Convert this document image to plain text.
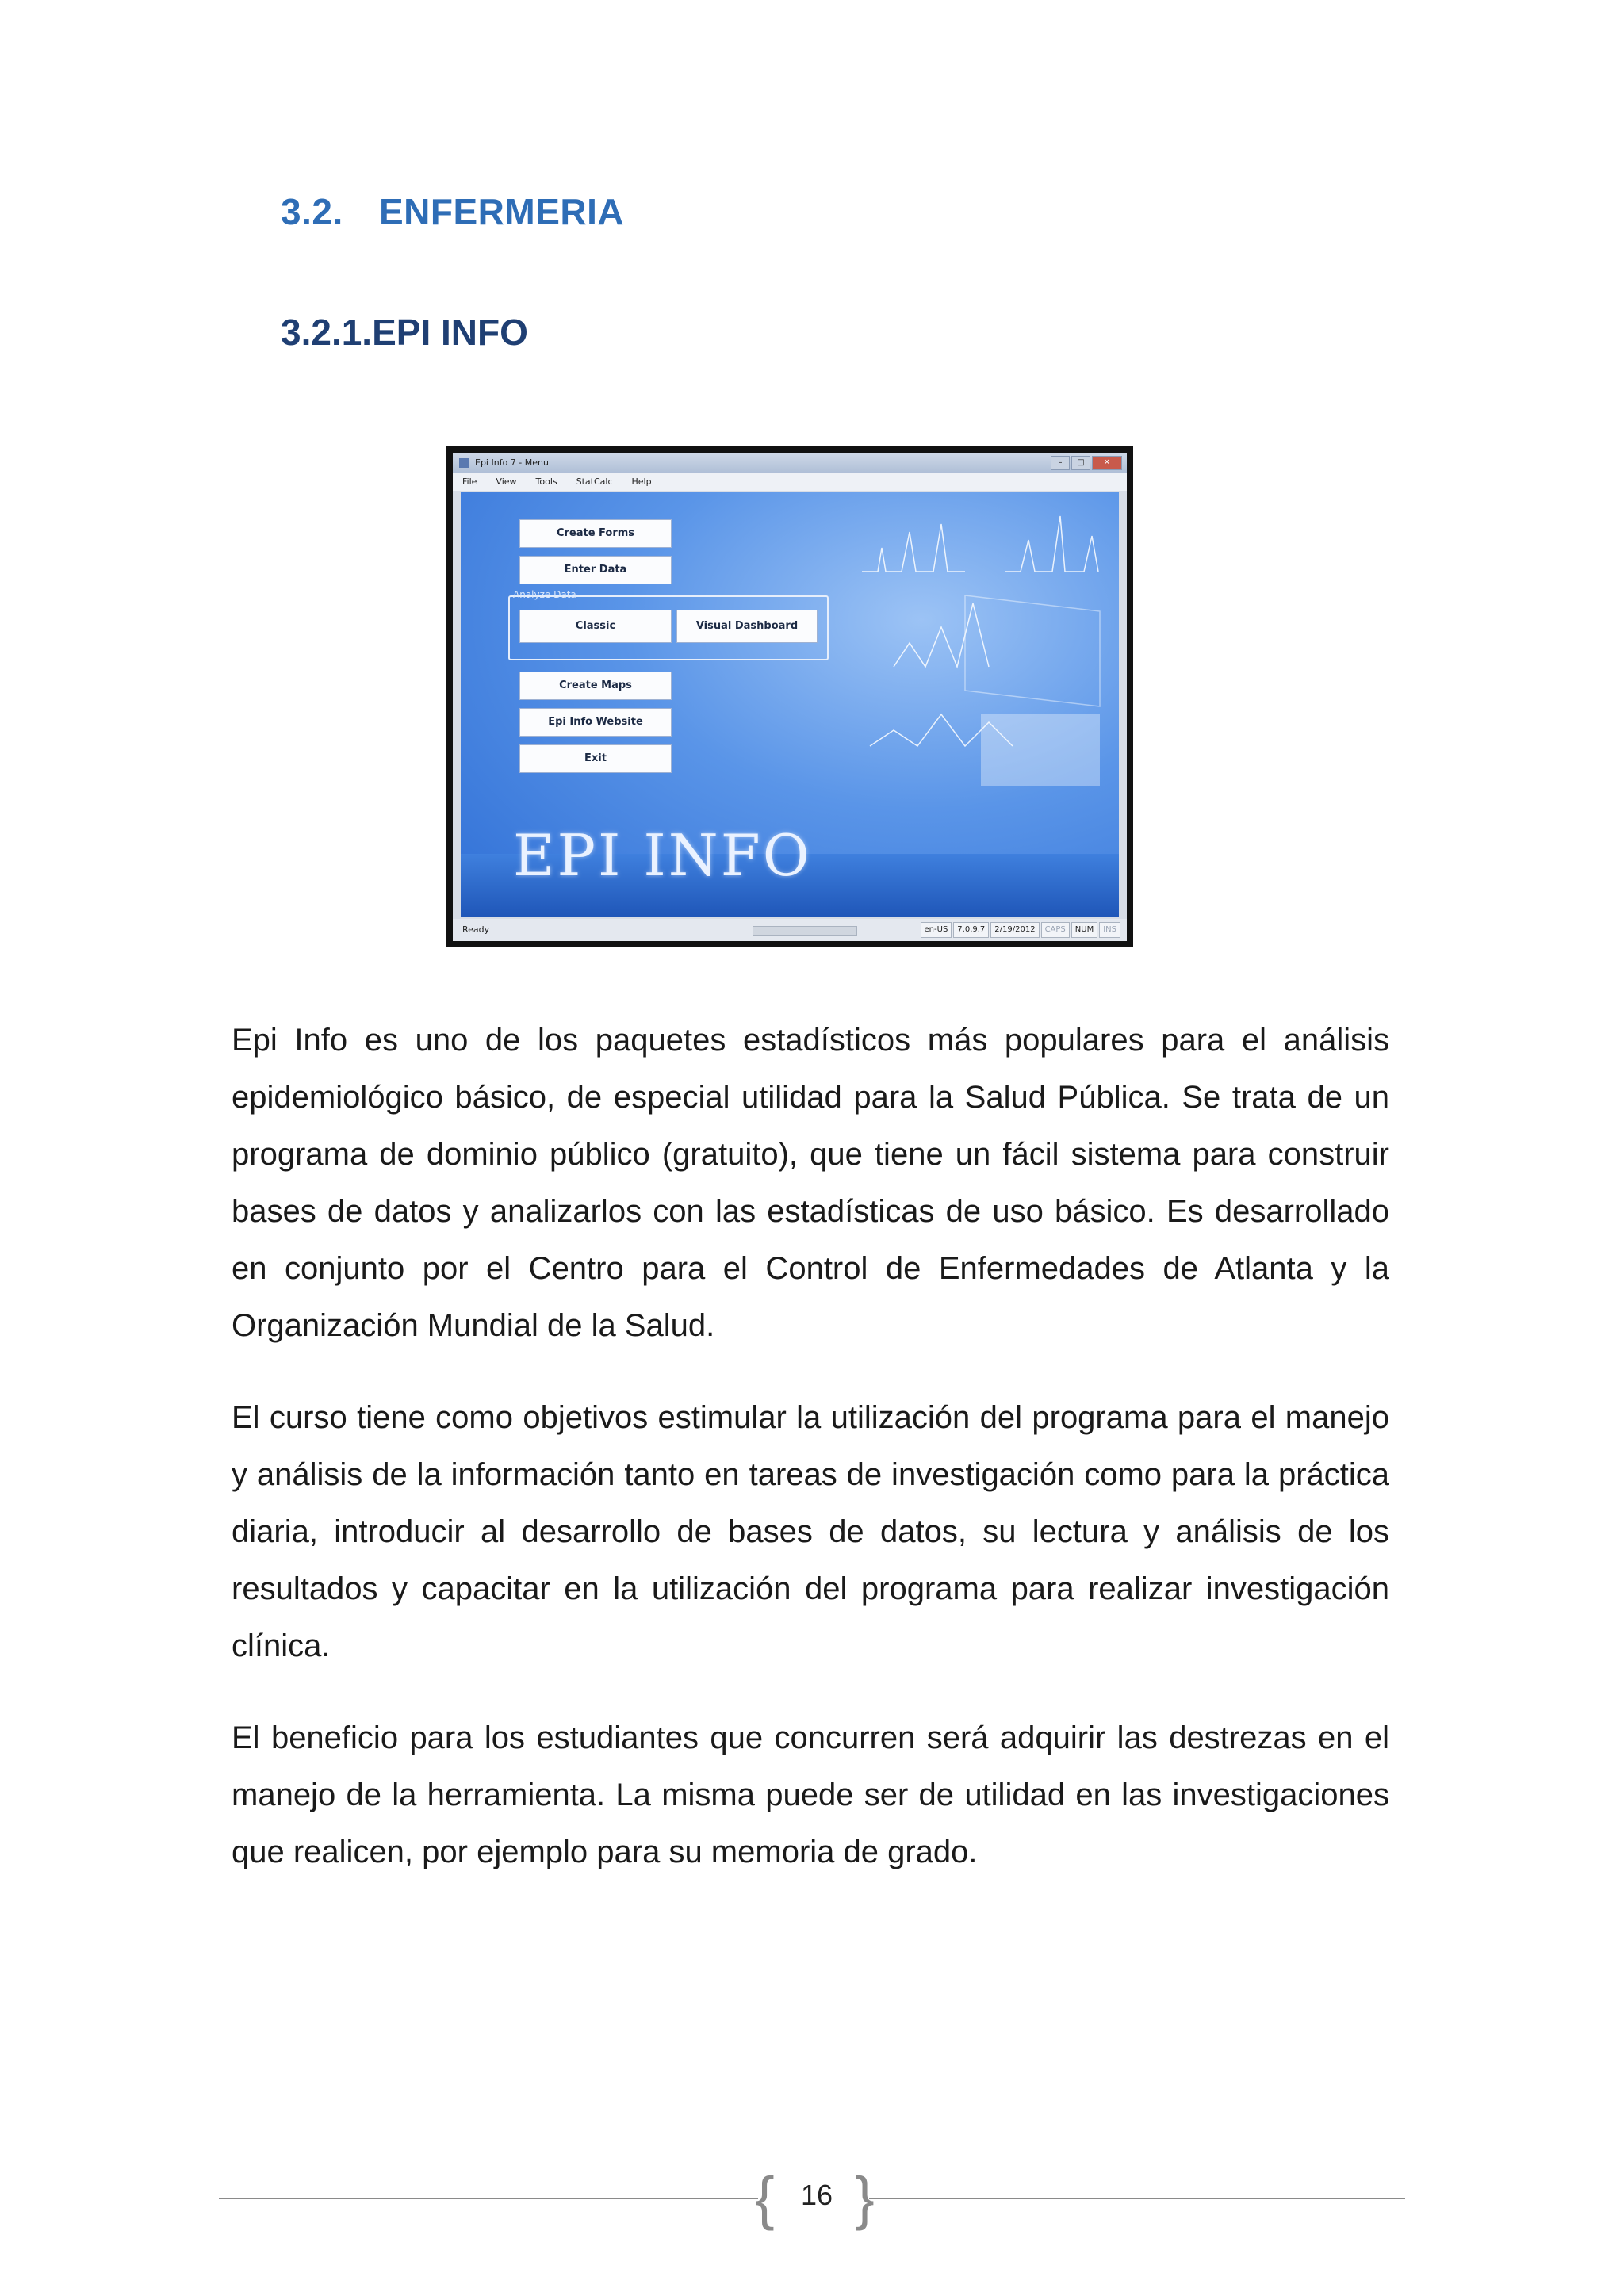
3.2. ENFERMERIA
3.2.1.EPI INFO
Epi Info 7 - Menu	–	□	✕
File View Tools StatCalc Help
Create Forms
Enter Data
Analyze Data
Classic	Visual Dashboard
Create Maps
Epi Info Website
Exit
EPI INFO
Ready	en-US	7.0.9.7	2/19/2012	CAPS	NUM	INS

Epi Info es uno de los paquetes estadísticos más populares para el análisis epidemiológico básico, de especial utilidad para la Salud Pública. Se trata de un programa de dominio público (gratuito), que tiene un fácil sistema para construir bases de datos y analizarlos con las estadísticas de uso básico. Es desarrollado en conjunto por el Centro para el Control de Enfermedades de Atlanta y la Organización Mundial de la Salud.

El curso tiene como objetivos estimular la utilización del programa para el manejo y análisis de la información tanto en tareas de investigación como para la práctica diaria, introducir al desarrollo de bases de datos, su lectura y análisis de los resultados y capacitar en la utilización del programa para realizar investigación clínica.

El beneficio para los estudiantes que concurren será adquirir las destrezas en el manejo de la herramienta. La misma puede ser de utilidad en las investigaciones que realicen, por ejemplo para su memoria de grado.

{ 16 }
